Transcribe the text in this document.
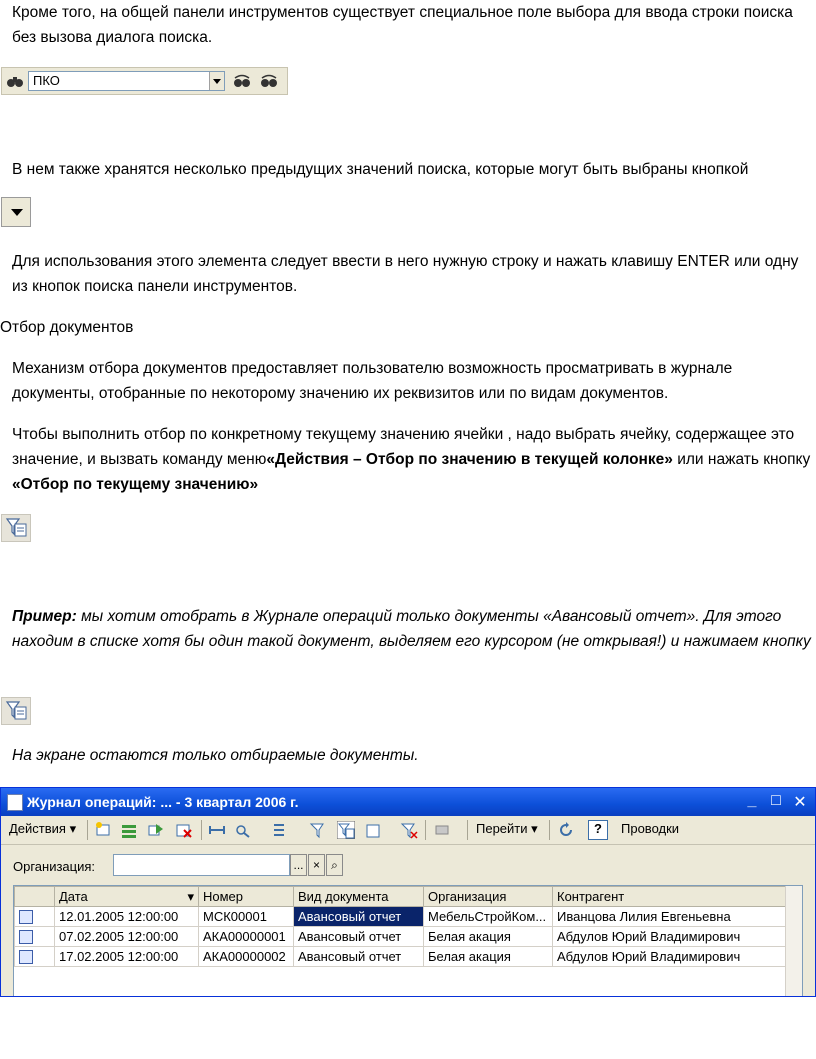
Кроме того, на общей панели инструментов существует специальное поле выбора для ввода строки поиска без вызова диалога поиска.

ПКО

В нем также хранятся несколько предыдущих значений поиска, которые могут быть выбраны кнопкой

Для использования этого элемента следует ввести в него нужную строку и нажать клавишу ENTER или одну из кнопок поиска панели инструментов.

Отбор документов

Механизм отбора документов предоставляет пользователю возможность просматривать в журнале документы, отобранные по некоторому значению их реквизитов или по видам документов.

Чтобы выполнить отбор по конкретному текущему значению ячейки , надо выбрать ячейку, содержащее это значение, и вызвать команду меню«Действия – Отбор по значению в текущей колонке» или нажать кнопку «Отбор по текущему значению»

Пример: мы хотим отобрать в Журнале операций только документы «Авансовый отчет». Для этого находим в списке хотя бы один такой документ, выделяем его курсором (не открывая!) и нажимаем кнопку

На экране остаются только отбираемые документы.

Журнал операций: ... - 3 квартал 2006 г.	_ □ ✕
Действия ▾	Перейти ▾	?	Проводки
Организация:	... × ⌕
	Дата ▾	Номер	Вид документа	Организация	Контрагент
	12.01.2005 12:00:00	МСК00001	Авансовый отчет	МебельСтройКом...	Иванцова Лилия Евгеньевна
	07.02.2005 12:00:00	АКА00000001	Авансовый отчет	Белая акация	Абдулов Юрий Владимирович
	17.02.2005 12:00:00	АКА00000002	Авансовый отчет	Белая акация	Абдулов Юрий Владимирович
